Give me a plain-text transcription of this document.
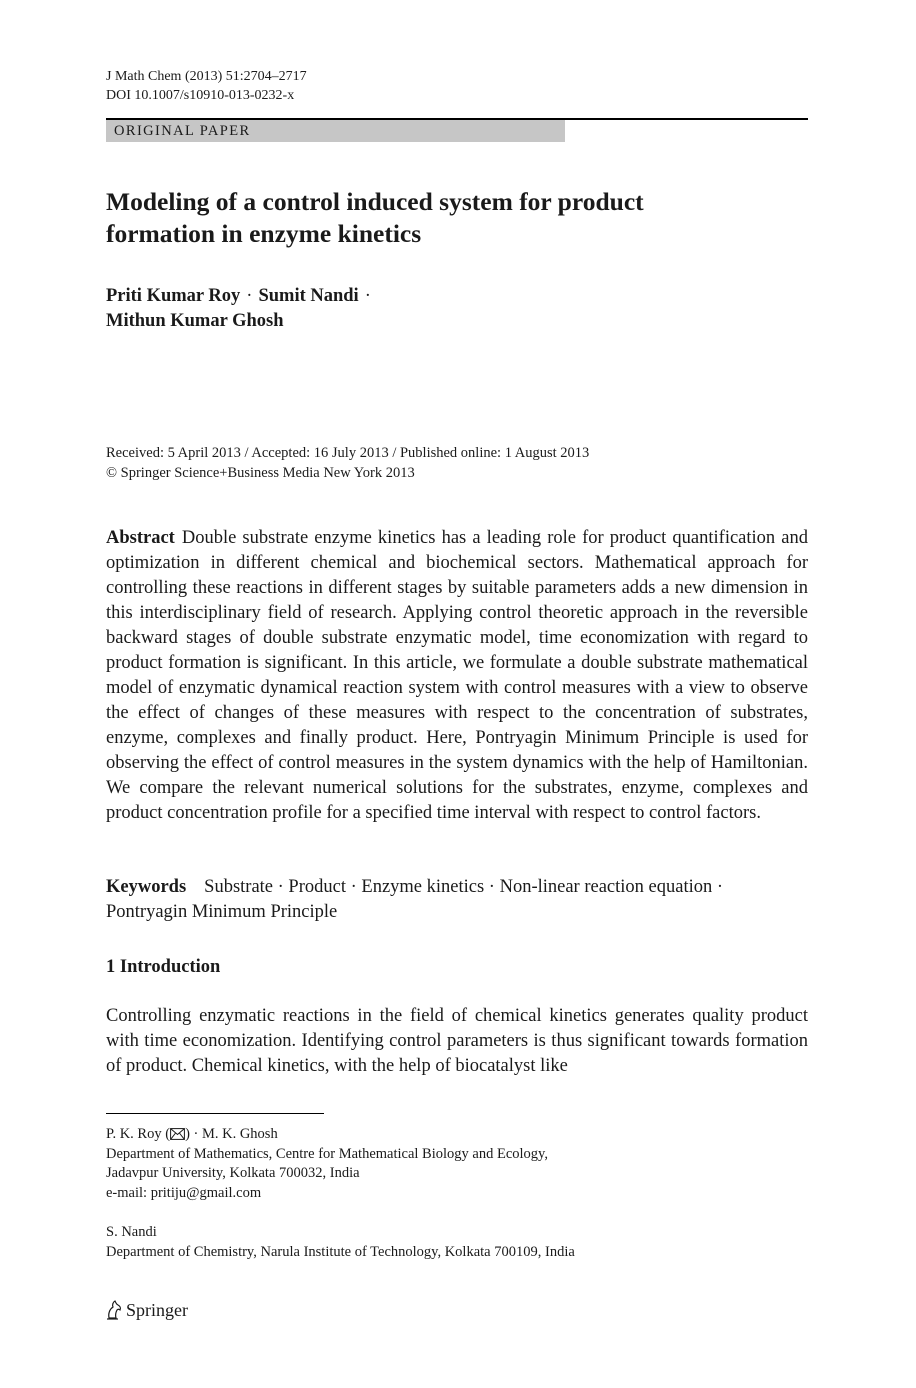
J Math Chem (2013) 51:2704–2717
DOI 10.1007/s10910-013-0232-x
ORIGINAL PAPER
Modeling of a control induced system for product
formation in enzyme kinetics
Priti Kumar Roy · Sumit Nandi ·
Mithun Kumar Ghosh
Received: 5 April 2013 / Accepted: 16 July 2013 / Published online: 1 August 2013
© Springer Science+Business Media New York 2013
Abstract Double substrate enzyme kinetics has a leading role for product quantification and optimization in different chemical and biochemical sectors. Mathematical approach for controlling these reactions in different stages by suitable parameters adds a new dimension in this interdisciplinary field of research. Applying control theoretic approach in the reversible backward stages of double substrate enzymatic model, time economization with regard to product formation is significant. In this article, we formulate a double substrate mathematical model of enzymatic dynamical reaction system with control measures with a view to observe the effect of changes of these measures with respect to the concentration of substrates, enzyme, complexes and finally product. Here, Pontryagin Minimum Principle is used for observing the effect of control measures in the system dynamics with the help of Hamiltonian. We compare the relevant numerical solutions for the substrates, enzyme, complexes and product concentration profile for a specified time interval with respect to control factors.
Keywords Substrate · Product · Enzyme kinetics · Non-linear reaction equation · Pontryagin Minimum Principle
1 Introduction
Controlling enzymatic reactions in the field of chemical kinetics generates quality product with time economization. Identifying control parameters is thus significant towards formation of product. Chemical kinetics, with the help of biocatalyst like
P. K. Roy ( ) · M. K. Ghosh
Department of Mathematics, Centre for Mathematical Biology and Ecology,
Jadavpur University, Kolkata 700032, India
e-mail: pritiju@gmail.com
S. Nandi
Department of Chemistry, Narula Institute of Technology, Kolkata 700109, India
Springer
